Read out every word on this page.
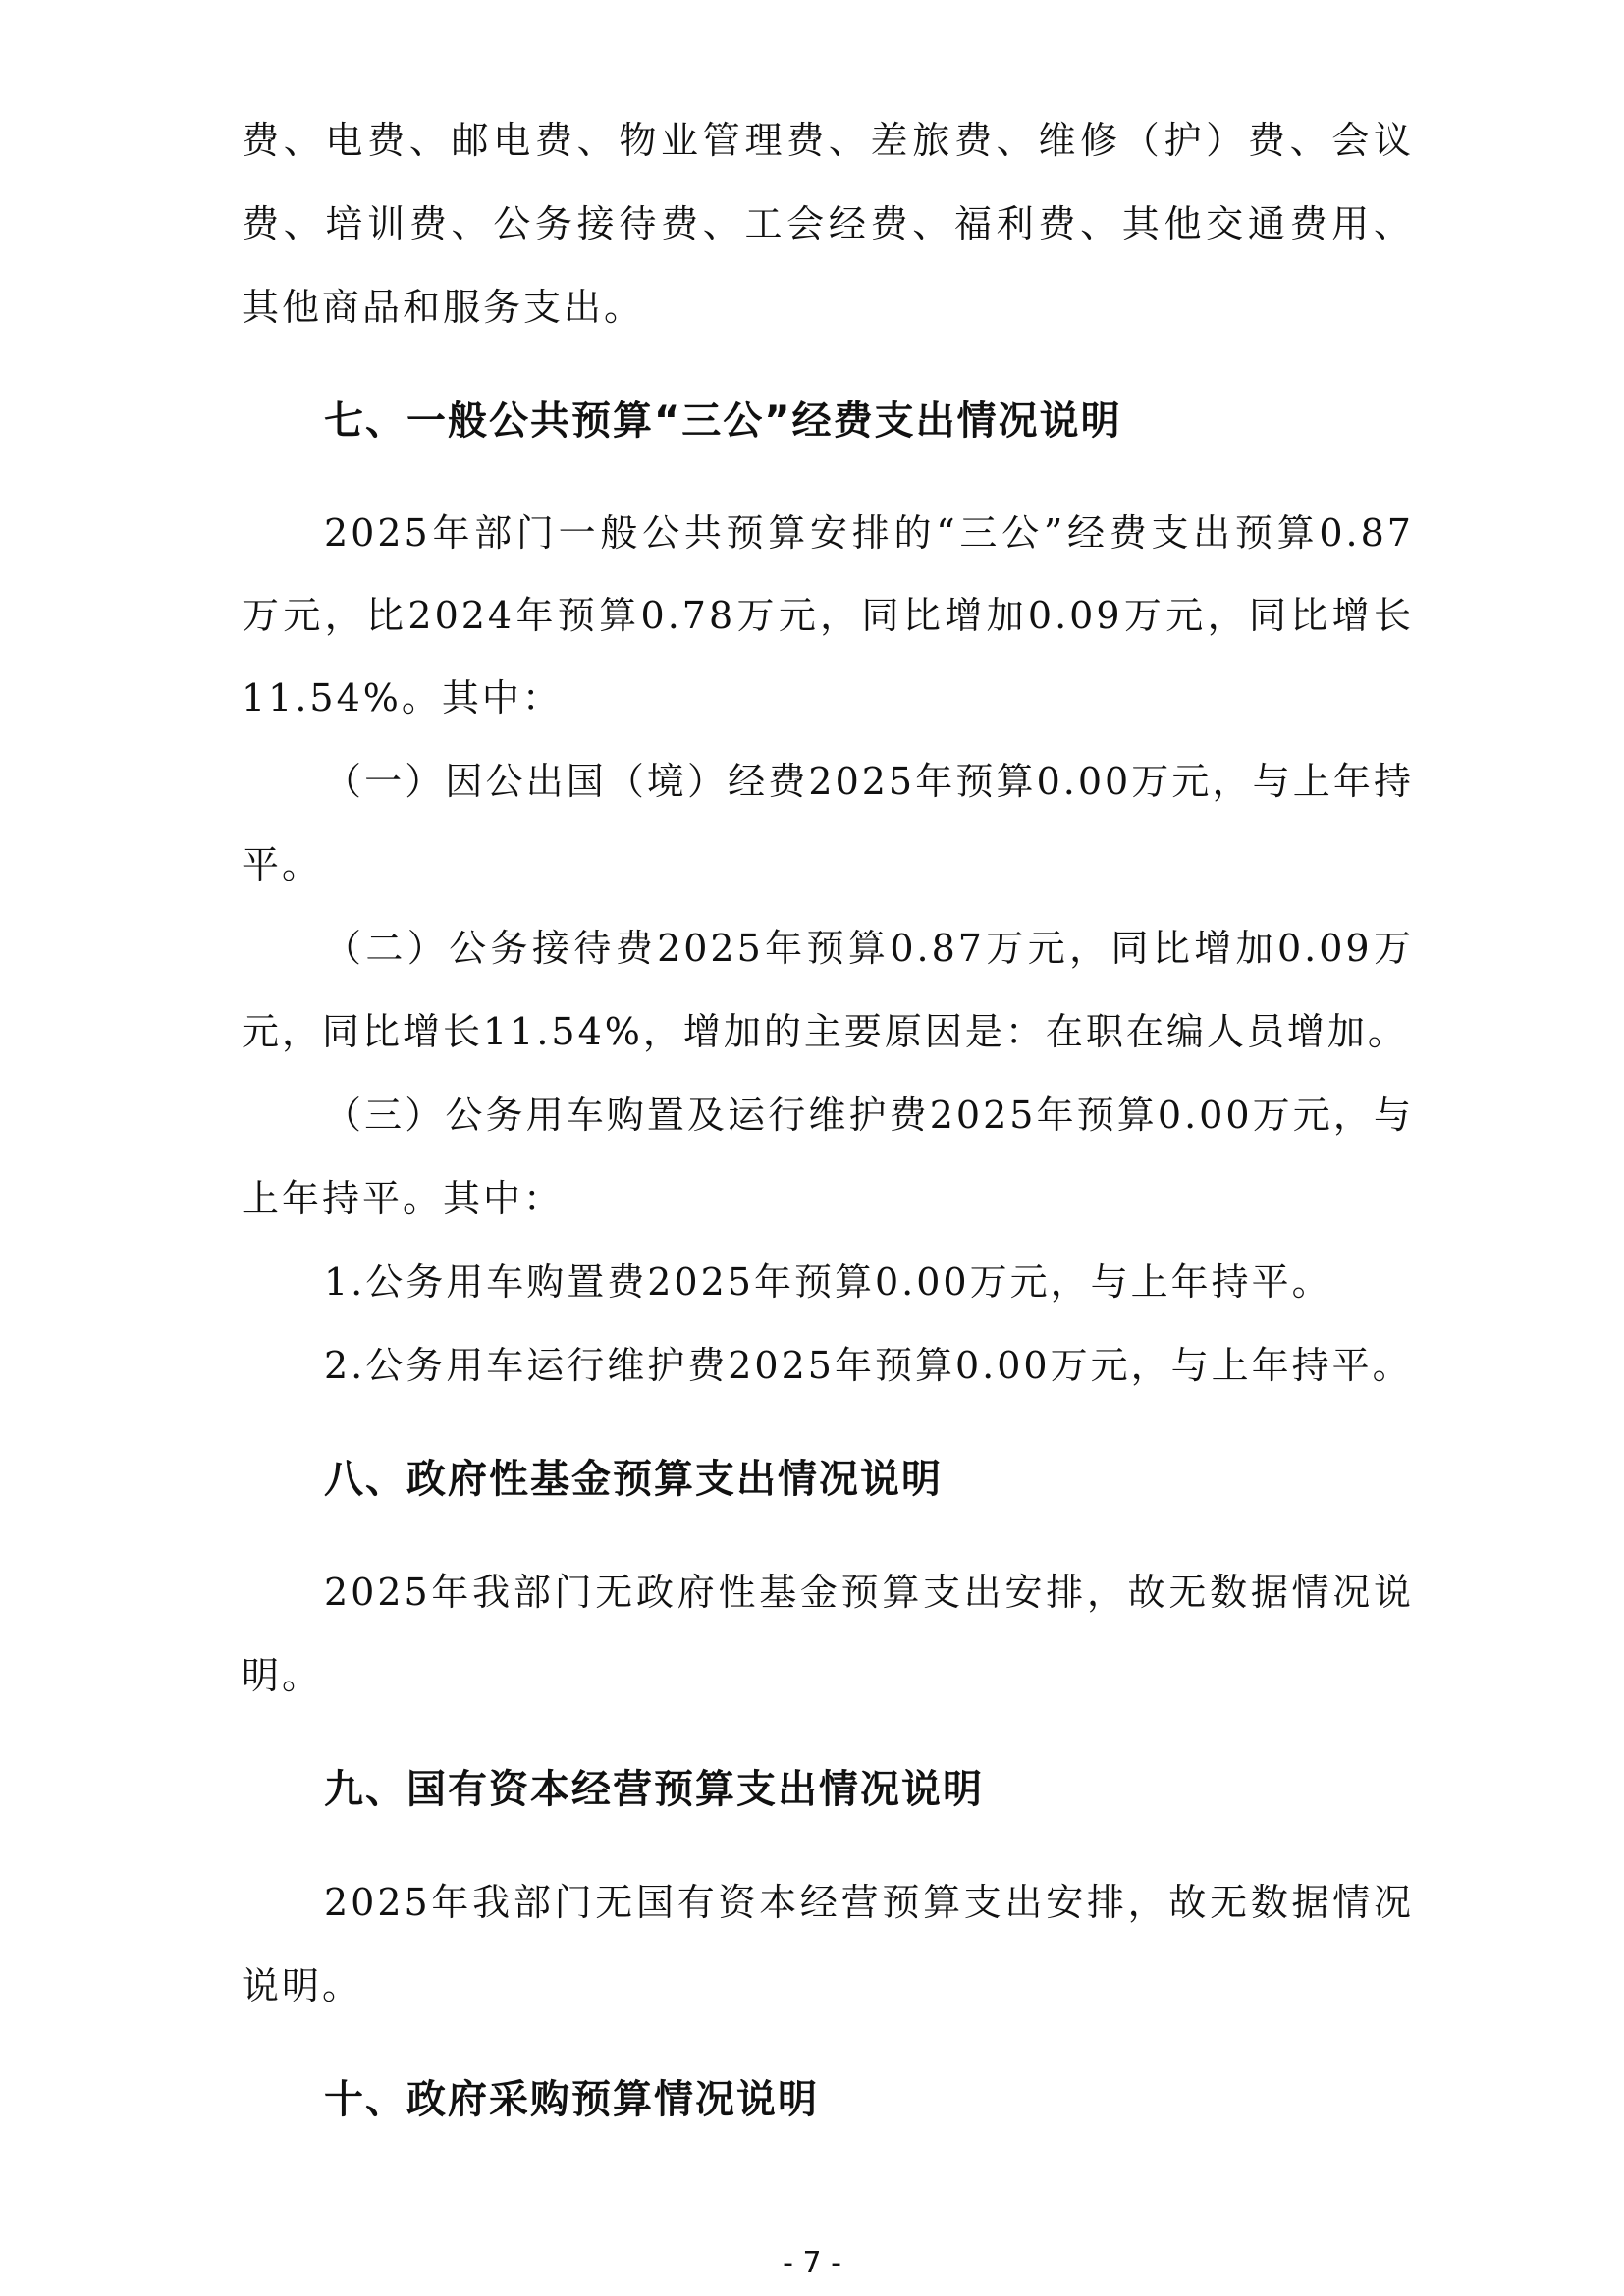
费、电费、邮电费、物业管理费、差旅费、维修（护）费、会议
费、培训费、公务接待费、工会经费、福利费、其他交通费用、
其他商品和服务支出。
七、一般公共预算“三公”经费支出情况说明
2025年部门一般公共预算安排的“三公”经费支出预算0.87
万元，比2024年预算0.78万元，同比增加0.09万元，同比增长
11.54%。其中：
（一）因公出国（境）经费2025年预算0.00万元，与上年持
平。
（二）公务接待费2025年预算0.87万元，同比增加0.09万
元，同比增长11.54%，增加的主要原因是：在职在编人员增加。
（三）公务用车购置及运行维护费2025年预算0.00万元，与
上年持平。其中：
1.公务用车购置费2025年预算0.00万元，与上年持平。
2.公务用车运行维护费2025年预算0.00万元，与上年持平。
八、政府性基金预算支出情况说明
2025年我部门无政府性基金预算支出安排，故无数据情况说
明。
九、国有资本经营预算支出情况说明
2025年我部门无国有资本经营预算支出安排，故无数据情况
说明。
十、政府采购预算情况说明
- 7 -
